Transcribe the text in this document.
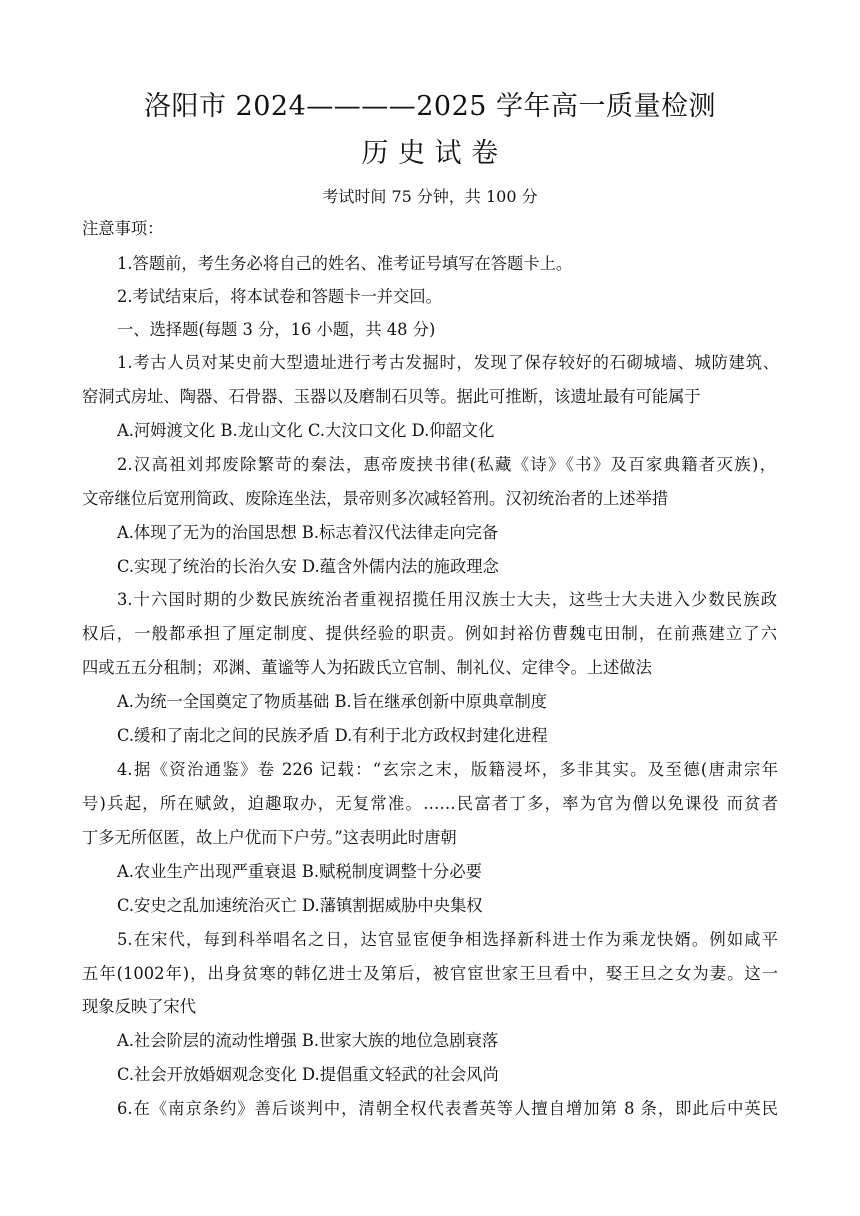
洛阳市 2024————2025 学年高一质量检测
历 史 试 卷
考试时间 75 分钟，共 100 分
注意事项：
1.答题前，考生务必将自己的姓名、准考证号填写在答题卡上。
2.考试结束后，将本试卷和答题卡一并交回。
一、选择题(每题 3 分，16 小题，共 48 分)
1.考古人员对某史前大型遗址进行考古发掘时，发现了保存较好的石砌城墙、城防建筑、
窑洞式房址、陶器、石骨器、玉器以及磨制石贝等。据此可推断，该遗址最有可能属于
A.河姆渡文化 B.龙山文化 C.大汶口文化 D.仰韶文化
2.汉高祖刘邦废除繁苛的秦法，惠帝废挟书律(私藏《诗》《书》及百家典籍者灭族)，
文帝继位后宽刑简政、废除连坐法，景帝则多次减轻笞刑。汉初统治者的上述举措
A.体现了无为的治国思想 B.标志着汉代法律走向完备
C.实现了统治的长治久安 D.蕴含外儒内法的施政理念
3.十六国时期的少数民族统治者重视招揽任用汉族士大夫，这些士大夫进入少数民族政
权后，一般都承担了厘定制度、提供经验的职责。例如封裕仿曹魏屯田制，在前燕建立了六
四或五五分租制；邓渊、董谧等人为拓跋氏立官制、制礼仪、定律令。上述做法
A.为统一全国奠定了物质基础 B.旨在继承创新中原典章制度
C.缓和了南北之间的民族矛盾 D.有利于北方政权封建化进程
4.据《资治通鉴》卷 226 记载：“玄宗之末，版籍浸坏，多非其实。及至德(唐肃宗年
号)兵起，所在赋敛，迫趣取办，无复常准。……民富者丁多，率为官为僧以免课役 而贫者
丁多无所伛匿，故上户优而下户劳。”这表明此时唐朝
A.农业生产出现严重衰退 B.赋税制度调整十分必要
C.安史之乱加速统治灭亡 D.藩镇割据威胁中央集权
5.在宋代，每到科举唱名之日，达官显宦便争相选择新科进士作为乘龙快婿。例如咸平
五年(1002年)，出身贫寒的韩亿进士及第后，被官宦世家王旦看中，娶王旦之女为妻。这一
现象反映了宋代
A.社会阶层的流动性增强 B.世家大族的地位急剧衰落
C.社会开放婚姻观念变化 D.提倡重文轻武的社会风尚
6.在《南京条约》善后谈判中，清朝全权代表耆英等人擅自增加第 8 条，即此后中英民
